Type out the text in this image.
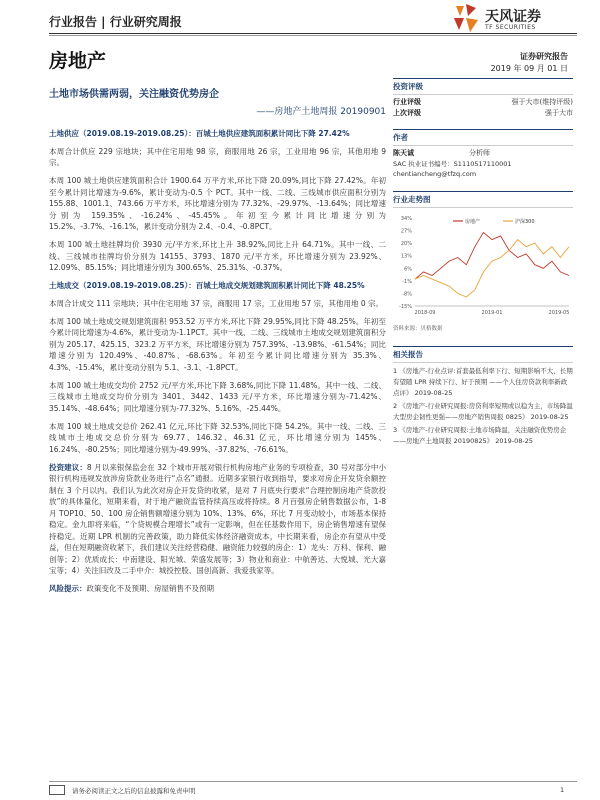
行业报告 | 行业研究周报	天风证券
TF SECURITIES
房地产	证券研究报告
2019 年 09 月 01 日
土地市场供需两弱，关注融资优势房企
——房地产土地周报 20190901
土地供应（2019.08.19-2019.08.25）：百城土地供应建筑面积累计同比下降 27.42%

本周合计供应 229 宗地块；其中住宅用地 98 宗，商服用地 26 宗，工业用地 96 宗，其他用地 9 宗。

本周 100 城土地供应建筑面积合计 1900.64 万平方米,环比下降 20.09%,同比下降 27.42%。年初至今累计同比增速为-9.6%，累计变动为-0.5 个 PCT。其中一线、二线、三线城市供应面积分别为 155.88、1001.1、743.66 万平方米，环比增速分别为 77.32%、-29.97%、-13.64%；同比增速分别为 159.35%、-16.24%、-45.45%。年初至今累计同比增速分别为 15.2%、-3.7%、-16.1%，累计变动分别为 2.4、-0.4、-0.8PCT。

本周 100 城土地挂牌均价 3930 元/平方米,环比上升 38.92%,同比上升 64.71%。其中一线、二线、三线城市挂牌均价分别为 14155、3793、1870 元/平方米，环比增速分别为 23.92%、12.09%、85.15%；同比增速分别为 300.65%、25.31%、-0.37%。

土地成交（2019.08.19-2019.08.25）：百城土地成交规划建筑面积累计同比下降 48.25%

本周合计成交 111 宗地块；其中住宅用地 37 宗，商服用 17 宗，工业用地 57 宗，其他用地 0 宗。

本周 100 城土地成交规划建筑面积 953.52 万平方米,环比下降 29.95%,同比下降 48.25%。年初至今累计同比增速为-4.6%，累计变动为-1.1PCT。其中一线、二线、三线城市土地成交规划建筑面积分别为 205.17、425.15、323.2 万平方米，环比增速分别为 757.39%、-13.98%、-61.54%；同比增速分别为 120.49%、-40.87%、-68.63%。年初至今累计同比增速分别为 35.3%、4.3%、-15.4%，累计变动分别为 5.1、-3.1、-1.8PCT。

本周 100 城土地成交均价 2752 元/平方米,环比下降 3.68%,同比下降 11.48%。其中一线、二线、三线城市土地成交均价分别为 3401、3442、1433 元/平方米，环比增速分别为-71.42%、35.14%、-48.64%；同比增速分别为-77.32%、5.16%、-25.44%。

本周 100 城土地成交总价 262.41 亿元,环比下降 32.53%,同比下降 54.2%。其中一线、二线、三线城市土地成交总价分别为 69.77、146.32、46.31 亿元，环比增速分别为 145%、16.24%、-80.25%；同比增速分别为-49.99%、-37.82%、-76.61%。

投资建议：8 月以来银保监会在 32 个城市开展对银行机构房地产业务的专项检查，30 号对部分中小银行机构违规发放涉房贷款业务进行“点名”通报。近期多家银行收到指导，要求对房企开发贷余额控制在 3 个月以内。我们认为此次对房企开发贷的收紧，是对 7 月底央行要求“合理控制房地产贷款投放”的具体量化，短期来看，对于地产融资监管持续高压或将持续。8 月百强房企销售数据公布，1-8 月 TOP10、50、100 房企销售额增速分别为 10%、13%、6%，环比 7 月变动较小，市场基本保持稳定。金九即将来临，“个贷规模合理增长”或有一定影响，但在任基数作用下，房企销售增速有望保持稳定。近期 LPR 机制的完善政策，助力降低实体经济融资成本，中长期来看，房企亦有望从中受益，但在短期融资收紧下，我们建议关注经营稳健、融资能力较强的房企：1）龙头：万科、保利、融创等；2）优质成长：中南建设、阳光城、荣盛发展等；3）物业和商业：中航善达、大悦城、光大嘉宝等；4）关注旧改及二手中介：城投控股、国创高新、我爱我家等。

风险提示：政策变化不及预期、房屋销售不及预期

投资评级
行业评级	强于大市(维持评级)
上次评级	强于大市
作者
陈天诚	分析师
SAC 执业证书编号：S1110517110001
chentiancheng@tfzq.com
行业走势图
34%
27%
20%
13%
6%
-1%
-8%
-15%
2018-09	2019-01	2019-05
房地产	沪深300
资料来源：贝格数据
相关报告
1 《房地产-行业点评:首套最低利率下行、短期影响不大、长期有望随 LPR 持续下行、好于预期 ——个人住房贷款利率新政点评》 2019-08-25
2 《房地产-行业研究周报:房贷利率短期或以稳为主，市场降温大型房企韧性更强——房地产销售周报 0825》 2019-08-25
3 《房地产-行业研究周报:土地市场降温，关注融资优势房企——房地产土地周报 20190825》 2019-08-25
请务必阅读正文之后的信息披露和免责申明	1
